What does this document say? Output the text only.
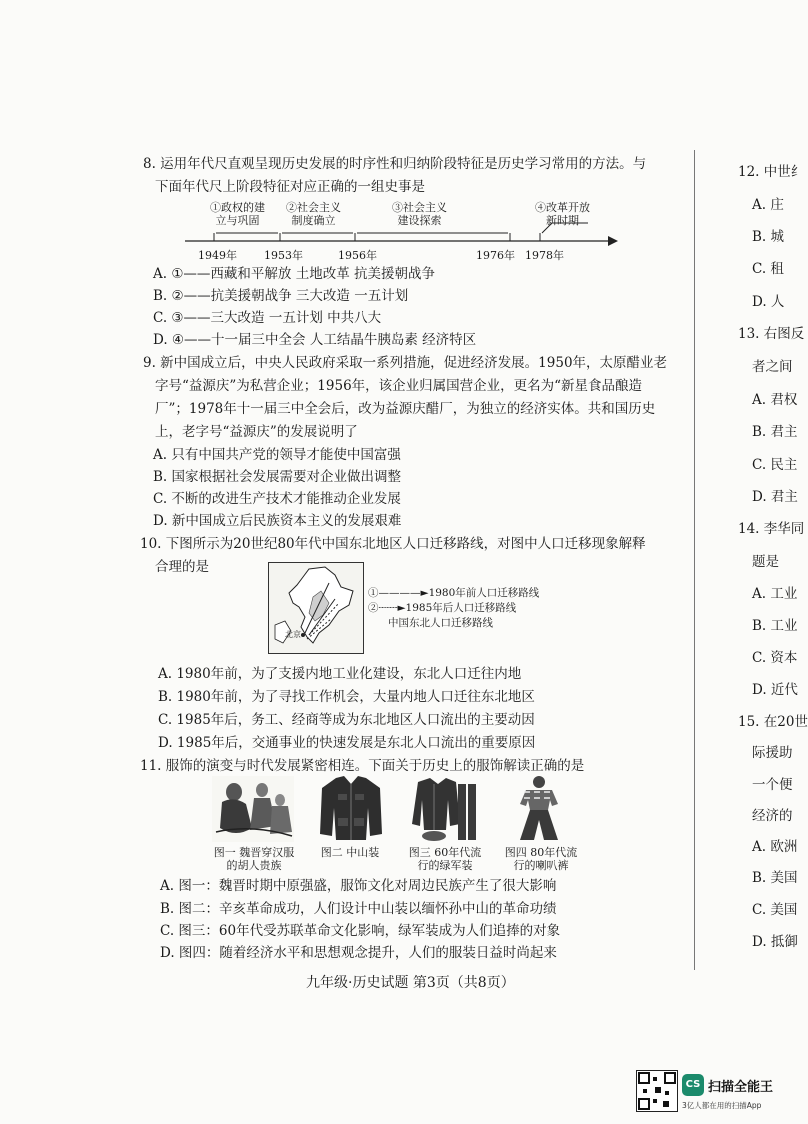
8. 运用年代尺直观呈现历史发展的时序性和归纳阶段特征是历史学习常用的方法。与
下面年代尺上阶段特征对应正确的一组史事是
①政权的建
立与巩固
②社会主义
制度确立
③社会主义
建设探索
④改革开放
新时期
1949年 1953年	1956年	1976年 1978年
A. ①——西藏和平解放 土地改革 抗美援朝战争
B. ②——抗美援朝战争 三大改造 一五计划
C. ③——三大改造 一五计划 中共八大
D. ④——十一届三中全会 人工结晶牛胰岛素 经济特区
9. 新中国成立后，中央人民政府采取一系列措施，促进经济发展。1950年，太原醋业老
字号“益源庆”为私营企业；1956年，该企业归属国营企业，更名为“新星食品酿造
厂”；1978年十一届三中全会后，改为益源庆醋厂，为独立的经济实体。共和国历史
上，老字号“益源庆”的发展说明了
A. 只有中国共产党的领导才能使中国富强
B. 国家根据社会发展需要对企业做出调整
C. 不断的改进生产技术才能推动企业发展
D. 新中国成立后民族资本主义的发展艰难
10. 下图所示为20世纪80年代中国东北地区人口迁移路线，对图中人口迁移现象解释
合理的是
北京
①————►1980年前人口迁移路线
②┈┈┈►1985年后人口迁移路线
中国东北人口迁移路线
A. 1980年前，为了支援内地工业化建设，东北人口迁往内地
B. 1980年前，为了寻找工作机会，大量内地人口迁往东北地区
C. 1985年后，务工、经商等成为东北地区人口流出的主要动因
D. 1985年后，交通事业的快速发展是东北人口流出的重要原因
11. 服饰的演变与时代发展紧密相连。下面关于历史上的服饰解读正确的是
图一 魏晋穿汉服
的胡人贵族
图二 中山装	图三 60年代流
行的绿军装
图四 80年代流
行的喇叭裤
A. 图一：魏晋时期中原强盛，服饰文化对周边民族产生了很大影响
B. 图二：辛亥革命成功，人们设计中山装以缅怀孙中山的革命功绩
C. 图三：60年代受苏联革命文化影响，绿军装成为人们追捧的对象
D. 图四：随着经济水平和思想观念提升，人们的服装日益时尚起来
九年级·历史试题 第3页（共8页）
12. 中世纟
A. 庄
B. 城
C. 租
D. 人
13. 右图反
者之间
A. 君权
B. 君主
C. 民主
D. 君主
14. 李华同
题是
A. 工业
B. 工业
C. 资本
D. 近代
15. 在20世
际援助
一个便
经济的
A. 欧洲
B. 美国
C. 美国
D. 抵御
CS 扫描全能王
3亿人都在用的扫描App
